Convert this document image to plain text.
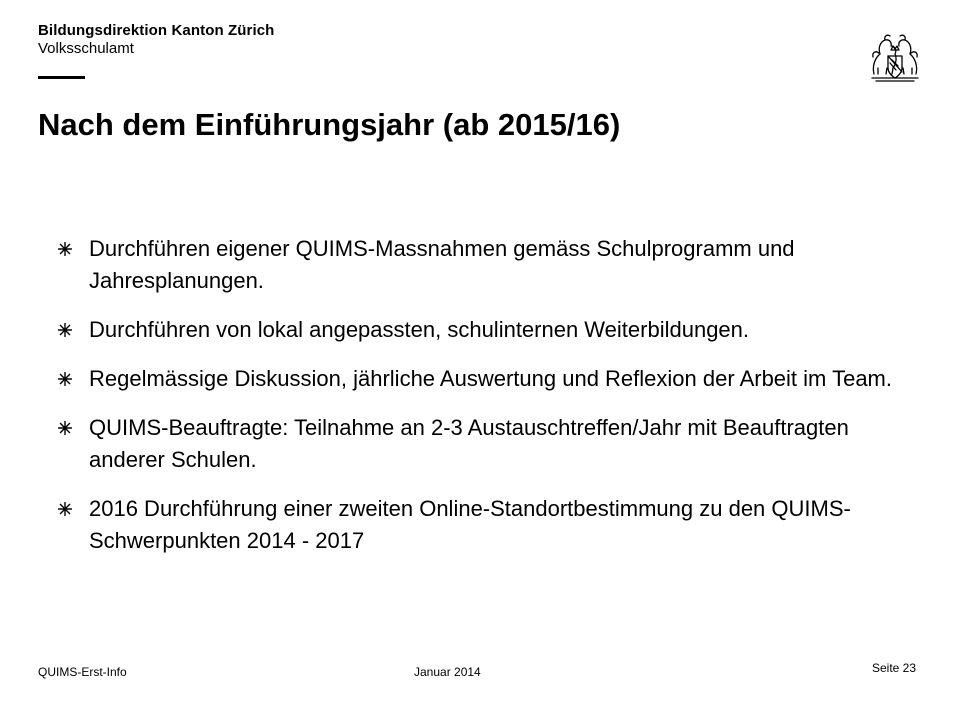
Bildungsdirektion Kanton Zürich
Volksschulamt
Nach dem Einführungsjahr (ab 2015/16)
Durchführen eigener QUIMS-Massnahmen gemäss Schulprogramm und Jahresplanungen.
Durchführen von lokal angepassten, schulinternen Weiterbildungen.
Regelmässige Diskussion, jährliche Auswertung und Reflexion der Arbeit im Team.
QUIMS-Beauftragte: Teilnahme an 2-3 Austauschtreffen/Jahr mit Beauftragten anderer Schulen.
2016 Durchführung einer zweiten Online-Standortbestimmung zu den QUIMS-Schwerpunkten 2014 - 2017
QUIMS-Erst-Info	Januar 2014	Seite 23
